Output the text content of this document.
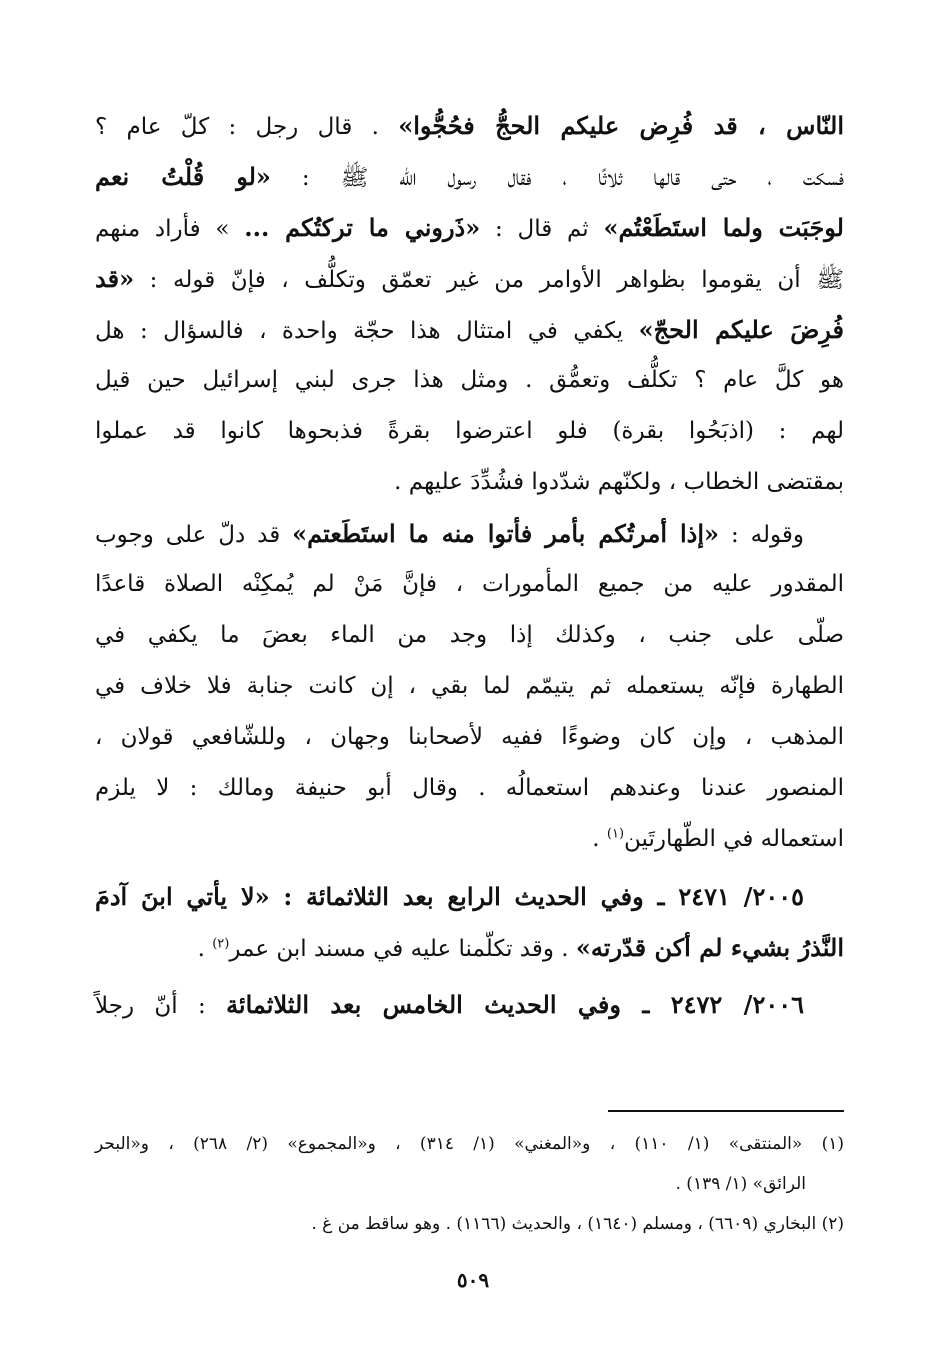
النّاس ، قد فُرِض عليكم الحجُّ فحُجُّوا» . قال رجل : كلّ عام ؟
فسكت ، حتى قالها ثلاثًا ، فقال رسول اللّه ﷺ : «لو قُلْتُ نعم
لوجَبَت ولما استَطَعْتُم» ثم قال : «ذَروني ما تركتُكم ... » فأراد منهم
ﷺ أن يقوموا بظواهر الأوامر من غير تعمّق وتكلُّف ، فإنّ قوله : «قد
فُرِضَ عليكم الحجّ» يكفي في امتثال هذا حجّة واحدة ، فالسؤال : هل
هو كلَّ عام ؟ تكلُّف وتعمُّق . ومثل هذا جرى لبني إسرائيل حين قيل
لهم : (اذبَحُوا بقرة) فلو اعترضوا بقرةً فذبحوها كانوا قد عملوا
بمقتضى الخطاب ، ولكنّهم شدّدوا فشُدِّدَ عليهم .
وقوله : «إذا أمرتُكم بأمر فأتوا منه ما استَطَعتم» قد دلّ على وجوب
المقدور عليه من جميع المأمورات ، فإنَّ مَنْ لم يُمكِنْه الصلاة قاعدًا
صلّى على جنب ، وكذلك إذا وجد من الماء بعضَ ما يكفي في
الطهارة فإنّه يستعمله ثم يتيمّم لما بقي ، إن كانت جنابة فلا خلاف في
المذهب ، وإن كان وضوءًا ففيه لأصحابنا وجهان ، وللشّافعي قولان ،
المنصور عندنا وعندهم استعمالُه . وقال أبو حنيفة ومالك : لا يلزم
استعماله في الطّهارتَين$^{(١)}$ .
٢٠٠٥/ ٢٤٧١ ـ وفي الحديث الرابع بعد الثلاثمائة : «لا يأتي ابنَ آدمَ
النَّذرُ بشيء لم أكن قدّرته» . وقد تكلّمنا عليه في مسند ابن عمر$^{(٢)}$ .
٢٠٠٦/ ٢٤٧٢ ـ وفي الحديث الخامس بعد الثلاثمائة : أنّ رجلاً
(١) «المنتقى» (١/ ١١٠) ، و«المغني» (١/ ٣١٤) ، و«المجموع» (٢/ ٢٦٨) ، و«البحر
الرائق» (١/ ١٣٩) .
(٢) البخاري (٦٦٠٩) ، ومسلم (١٦٤٠) ، والحديث (١١٦٦) . وهو ساقط من غ .
٥٠٩
